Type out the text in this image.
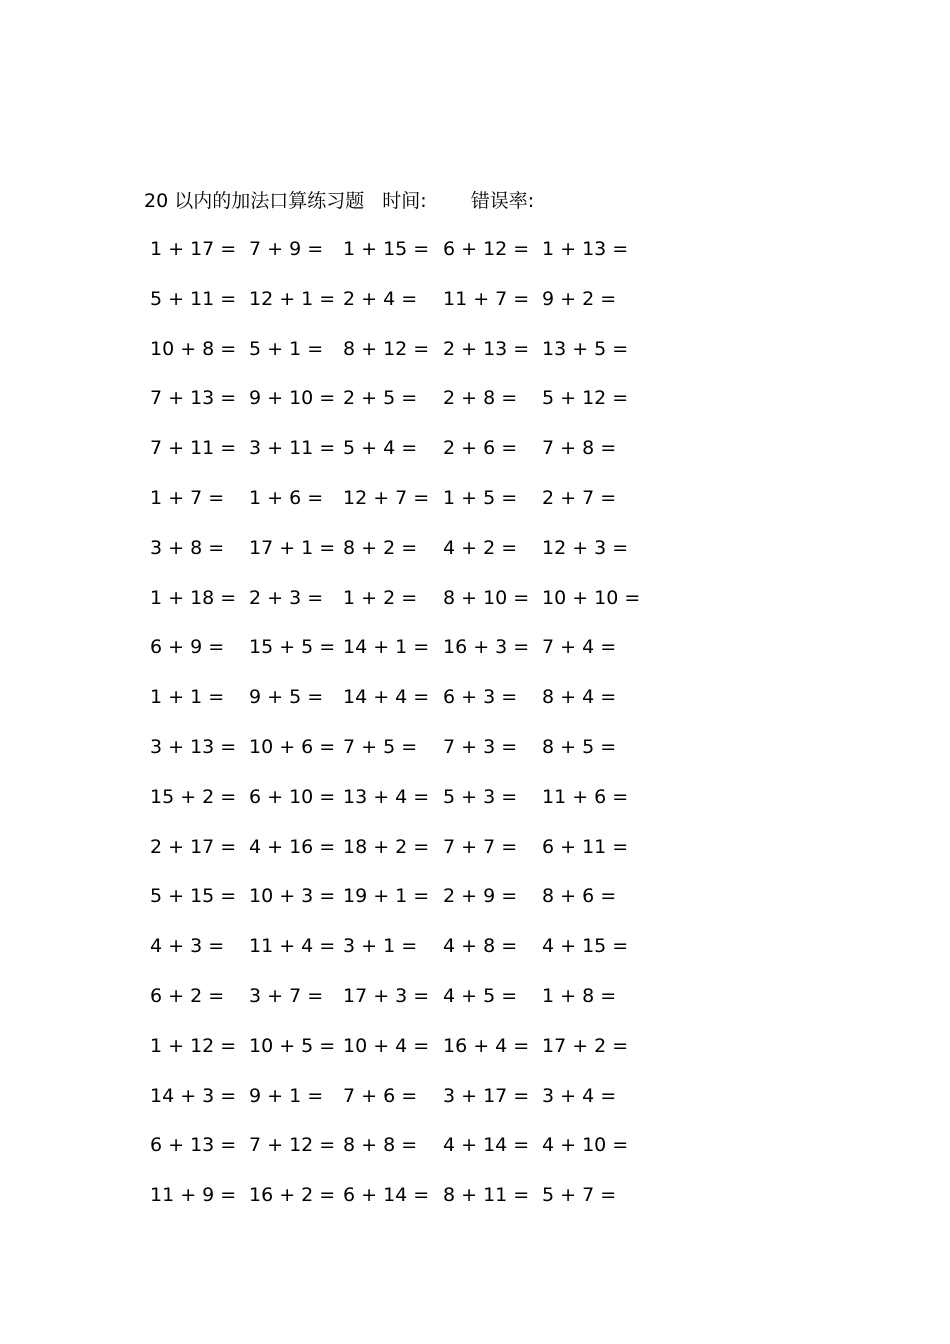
20 以内的加法口算练习题 时间: 错误率:
1 + 17 = 7 + 9 = 1 + 15 = 6 + 12 = 1 + 13 =
5 + 11 = 12 + 1 = 2 + 4 = 11 + 7 = 9 + 2 =
10 + 8 = 5 + 1 = 8 + 12 = 2 + 13 = 13 + 5 =
7 + 13 = 9 + 10 = 2 + 5 = 2 + 8 = 5 + 12 =
7 + 11 = 3 + 11 = 5 + 4 = 2 + 6 = 7 + 8 =
1 + 7 = 1 + 6 = 12 + 7 = 1 + 5 = 2 + 7 =
3 + 8 = 17 + 1 = 8 + 2 = 4 + 2 = 12 + 3 =
1 + 18 = 2 + 3 = 1 + 2 = 8 + 10 = 10 + 10 =
6 + 9 = 15 + 5 = 14 + 1 = 16 + 3 = 7 + 4 =
1 + 1 = 9 + 5 = 14 + 4 = 6 + 3 = 8 + 4 =
3 + 13 = 10 + 6 = 7 + 5 = 7 + 3 = 8 + 5 =
15 + 2 = 6 + 10 = 13 + 4 = 5 + 3 = 11 + 6 =
2 + 17 = 4 + 16 = 18 + 2 = 7 + 7 = 6 + 11 =
5 + 15 = 10 + 3 = 19 + 1 = 2 + 9 = 8 + 6 =
4 + 3 = 11 + 4 = 3 + 1 = 4 + 8 = 4 + 15 =
6 + 2 = 3 + 7 = 17 + 3 = 4 + 5 = 1 + 8 =
1 + 12 = 10 + 5 = 10 + 4 = 16 + 4 = 17 + 2 =
14 + 3 = 9 + 1 = 7 + 6 = 3 + 17 = 3 + 4 =
6 + 13 = 7 + 12 = 8 + 8 = 4 + 14 = 4 + 10 =
11 + 9 = 16 + 2 = 6 + 14 = 8 + 11 = 5 + 7 =
